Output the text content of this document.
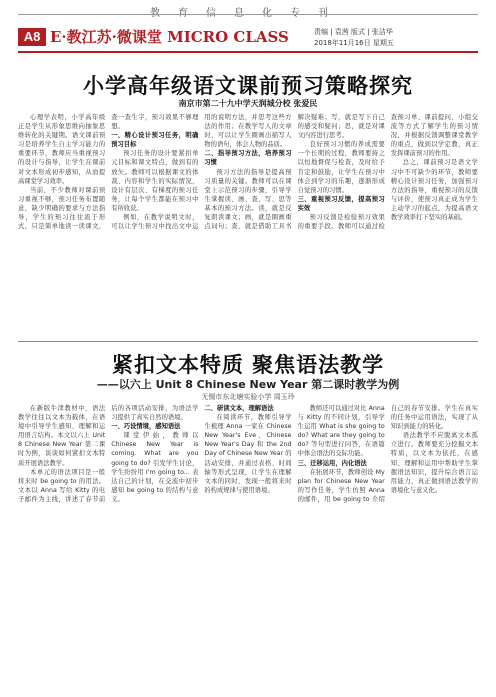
教育信息化专刊
A8 E·教江苏·微课堂 MICRO CLASS	责编 | 袁茜 版式 | 张洁华
2018年11月16日 星期五
小学高年级语文课前预习策略探究
南京市第二十九中学天润城分校 张爱民

心理学表明，小学高年级正是学生从形象思维向抽象思维转化的关键期。语文课前预习是培养学生自主学习能力的重要环节，教师应当重视预习的设计与指导，让学生在课前对文本形成初步感知，从而提高课堂学习效率。

当前，不少教师对课前预习重视不够，预习任务布置随意，缺少明确的要求与方法指导，学生的预习往往流于形式，只是简单地读一读课文，查一查生字，预习效果不够理想。

一、精心设计预习任务，明确预习目标

预习任务的设计要紧扣单元目标和课文特点，做到有的放矢。教师可以根据课文的体裁、内容和学生的实际情况，设计有层次、有梯度的预习任务，让每个学生都能在预习中有所收获。

例如，在教学说明文时，可以让学生预习中找出文中运用的说明方法，并思考这些方法的作用；在教学写人的文章时，可以让学生圈画出描写人物的语句，体会人物的品质。

二、指导预习方法，培养预习习惯

预习方法的指导是提高预习质量的关键。教师可以在课堂上示范预习的步骤，引导学生掌握读、画、查、写、思等基本的预习方法。读，就是反复朗读课文；画，就是圈画重点词句；查，就是借助工具书解决疑难；写，就是写下自己的感受和疑问；思，就是对课文内容进行思考。

良好预习习惯的养成需要一个长期的过程，教师要持之以恒地督促与检查，及时给予肯定和鼓励，让学生在预习中体会到学习的乐趣，逐渐形成自觉预习的习惯。

三、重视预习反馈，提高预习实效

预习反馈是检验预习效果的重要手段。教师可以通过检查预习单、课前提问、小组交流等方式了解学生的预习情况，并根据反馈调整课堂教学的重点，做到以学定教，真正发挥课前预习的作用。

总之，课前预习是语文学习中不可缺少的环节，教师要精心设计预习任务，加强预习方法的指导，重视预习的反馈与评价，使预习真正成为学生主动学习的起点，为提高语文教学效率打下坚实的基础。

紧扣文本特质 聚焦语法教学
——以六上 Unit 8 Chinese New Year 第二课时教学为例
无锡市东北塘实验小学 周玉玲

在新版牛津教材中，语法教学往往以文本为载体，在语境中引导学生感知、理解和运用语言结构。本文以六上 Unit 8 Chinese New Year 第二课时为例，谈谈如何紧扣文本特质开展语法教学。

本单元的语法项目是一般将来时 be going to 的用法。文本以 Anna 写给 Kitty 的电子邮件为主线，讲述了春节前后的各项活动安排，为语法学习提供了真实自然的语境。

一、巧设情境，感知语法

课堂伊始，教师以 Chinese New Year is coming. What are you going to do? 引发学生讨论，学生纷纷用 I'm going to... 表达自己的计划，在交流中初步感知 be going to 的结构与意义。

二、研读文本，理解语法

在阅读环节，教师引导学生梳理 Anna 一家在 Chinese New Year's Eve、Chinese New Year's Day 和 the 2nd Day of Chinese New Year 的活动安排，并通过表格、时间轴等形式呈现，让学生在理解文本的同时，发现一般将来时的构成规律与使用语境。

教师还可以通过对比 Anna 与 Kitty 的不同计划，引导学生运用 What is she going to do? What are they going to do? 等句型进行问答，在语篇中体会语法的交际功能。

三、迁移运用，内化语法

在拓展环节，教师创设 My plan for Chinese New Year 的写作任务，学生仿照 Anna 的邮件，用 be going to 介绍自己的春节安排。学生在真实的任务中运用语法，实现了从知识到能力的转化。

语法教学不应脱离文本孤立进行。教师要充分挖掘文本特质，以文本为依托，在感知、理解和运用中帮助学生掌握语法知识，提升综合语言运用能力，真正做到语法教学的语境化与意义化。
